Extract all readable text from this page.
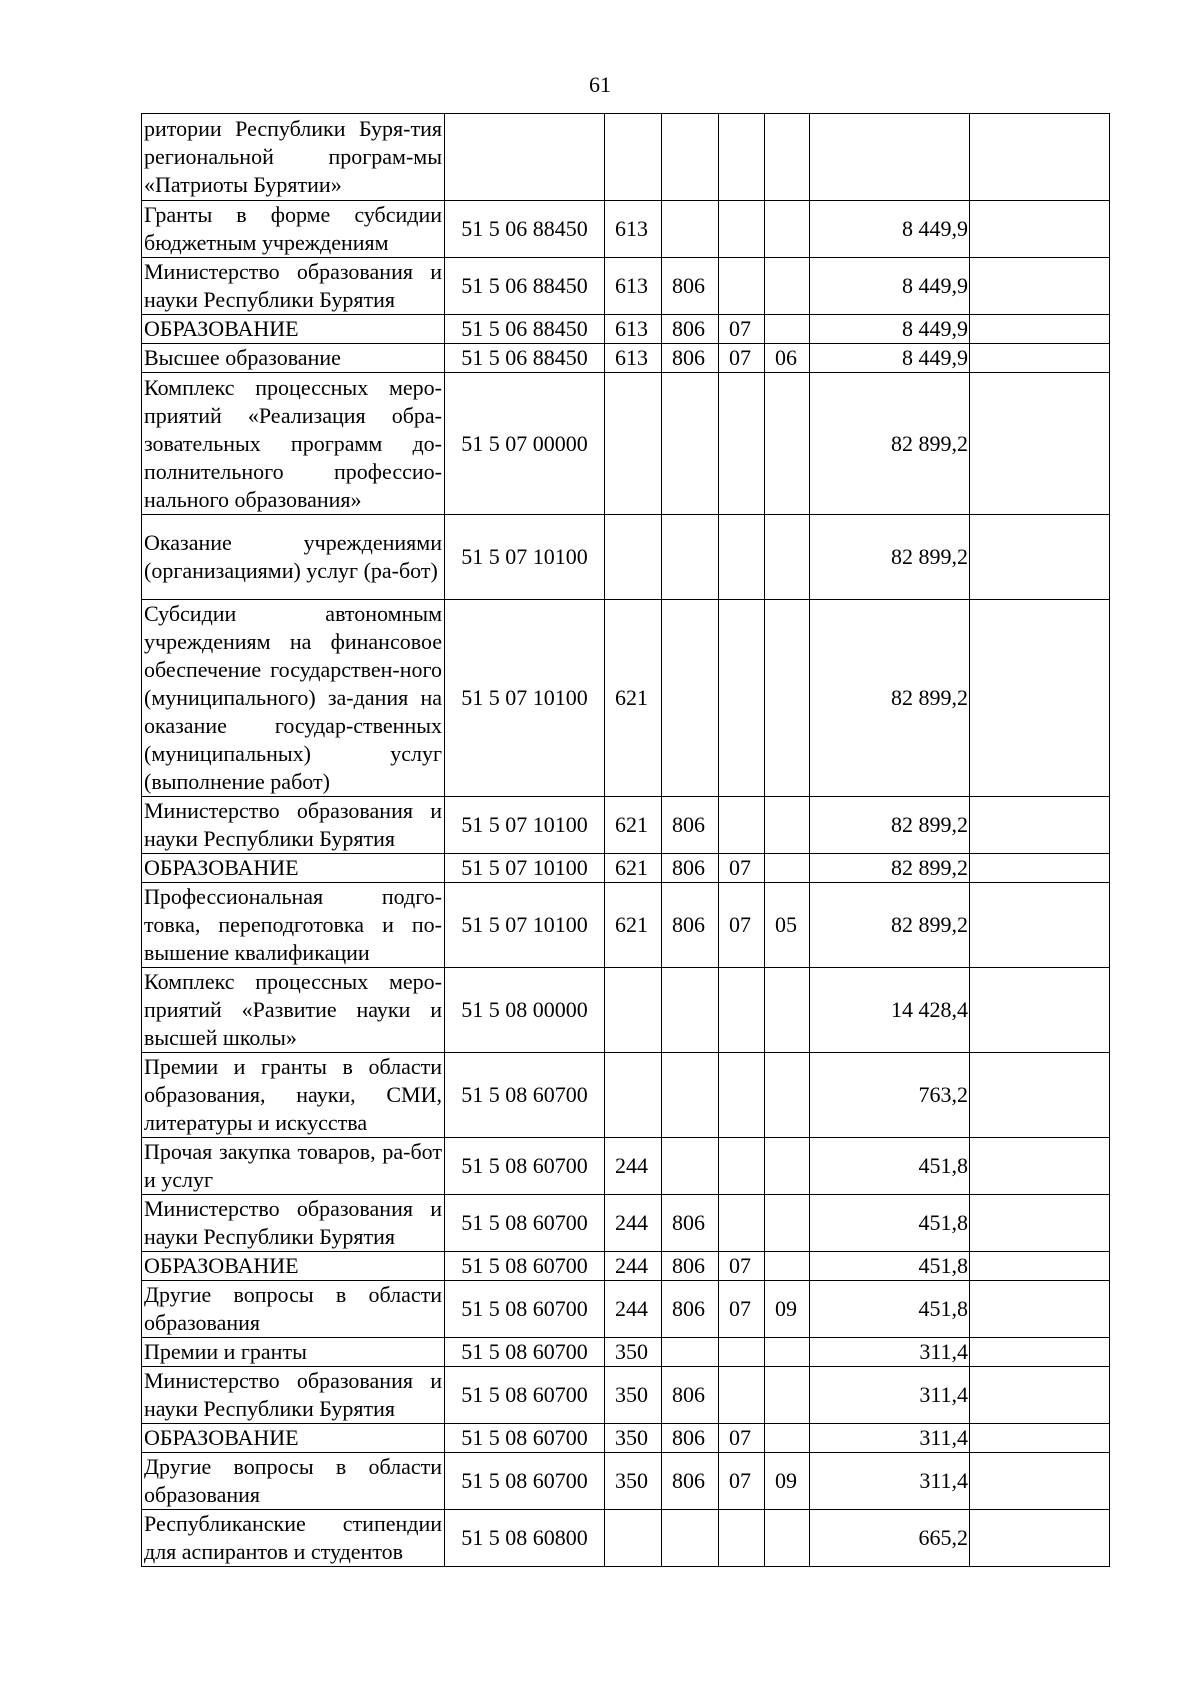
61
ритории Республики Буря-тия региональной програм-мы «Патриоты Бурятии»							
Гранты в форме субсидии бюджетным учреждениям	51 5 06 88450	613				8 449,9	
Министерство образования и науки Республики Бурятия	51 5 06 88450	613	806			8 449,9	
ОБРАЗОВАНИЕ	51 5 06 88450	613	806	07		8 449,9	
Высшее образование	51 5 06 88450	613	806	07	06	8 449,9	
Комплекс процессных меро-приятий «Реализация обра-зовательных программ до-полнительного профессио-нального образования»	51 5 07 00000					82 899,2	
Оказание учреждениями (организациями) услуг (ра-бот)	51 5 07 10100					82 899,2	
Субсидии автономным учреждениям на финансовое обеспечение государствен-ного (муниципального) за-дания на оказание государ-ственных (муниципальных) услуг (выполнение работ)	51 5 07 10100	621				82 899,2	
Министерство образования и науки Республики Бурятия	51 5 07 10100	621	806			82 899,2	
ОБРАЗОВАНИЕ	51 5 07 10100	621	806	07		82 899,2	
Профессиональная подго-товка, переподготовка и по-вышение квалификации	51 5 07 10100	621	806	07	05	82 899,2	
Комплекс процессных меро-приятий «Развитие науки и высшей школы»	51 5 08 00000					14 428,4	
Премии и гранты в области образования, науки, СМИ, литературы и искусства	51 5 08 60700					763,2	
Прочая закупка товаров, ра-бот и услуг	51 5 08 60700	244				451,8	
Министерство образования и науки Республики Бурятия	51 5 08 60700	244	806			451,8	
ОБРАЗОВАНИЕ	51 5 08 60700	244	806	07		451,8	
Другие вопросы в области образования	51 5 08 60700	244	806	07	09	451,8	
Премии и гранты	51 5 08 60700	350				311,4	
Министерство образования и науки Республики Бурятия	51 5 08 60700	350	806			311,4	
ОБРАЗОВАНИЕ	51 5 08 60700	350	806	07		311,4	
Другие вопросы в области образования	51 5 08 60700	350	806	07	09	311,4	
Республиканские стипендии для аспирантов и студентов	51 5 08 60800					665,2	
